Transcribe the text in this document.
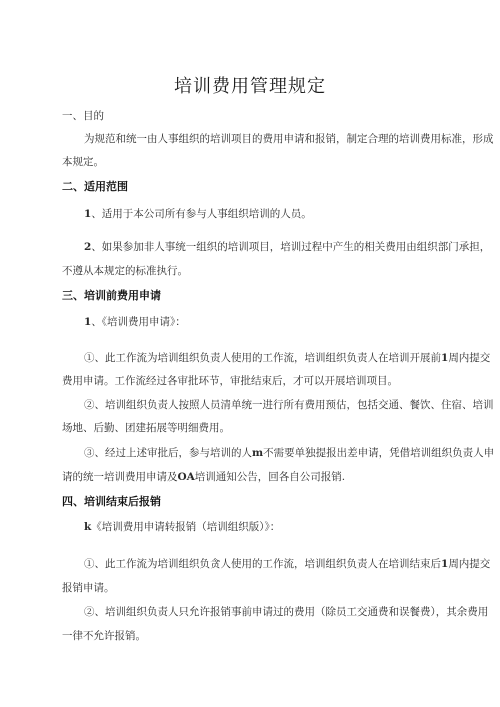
培训费用管理规定
一、目的
为规范和统一由人事组织的培训项目的费用申请和报销，制定合理的培训费用标准，形成
本规定。
二、适用范围
1、适用于本公司所有参与人事组织培训的人员。
2、如果参加非人事统一组织的培训项目，培训过程中产生的相关费用由组织部门承担，
不遵从本规定的标准执行。
三、培训前费用申请
1、《培训费用申请》：
①、此工作流为培训组织负责人使用的工作流，培训组织负责人在培训开展前1周内提交
费用申请。工作流经过各审批环节，审批结束后，才可以开展培训项目。
②、培训组织负责人按照人员清单统一进行所有费用预估，包括交通、餐饮、住宿、培训
场地、后勤、团建拓展等明细费用。
③、经过上述审批后，参与培训的人m不需要单独提报出差申请，凭借培训组织负责人申
请的统一培训费用申请及OA培训通知公告，回各自公司报销.
四、培训结束后报销
k《培训费用申请转报销（培训组织版）》：
①、此工作流为培训组织负贪人使用的工作流，培训组织负责人在培训结束后1周内提交
报销申请。
②、培训组织负责人只允许报销事前申请过的费用（除员工交通费和误餐费），其余费用
一律不允许报销。
